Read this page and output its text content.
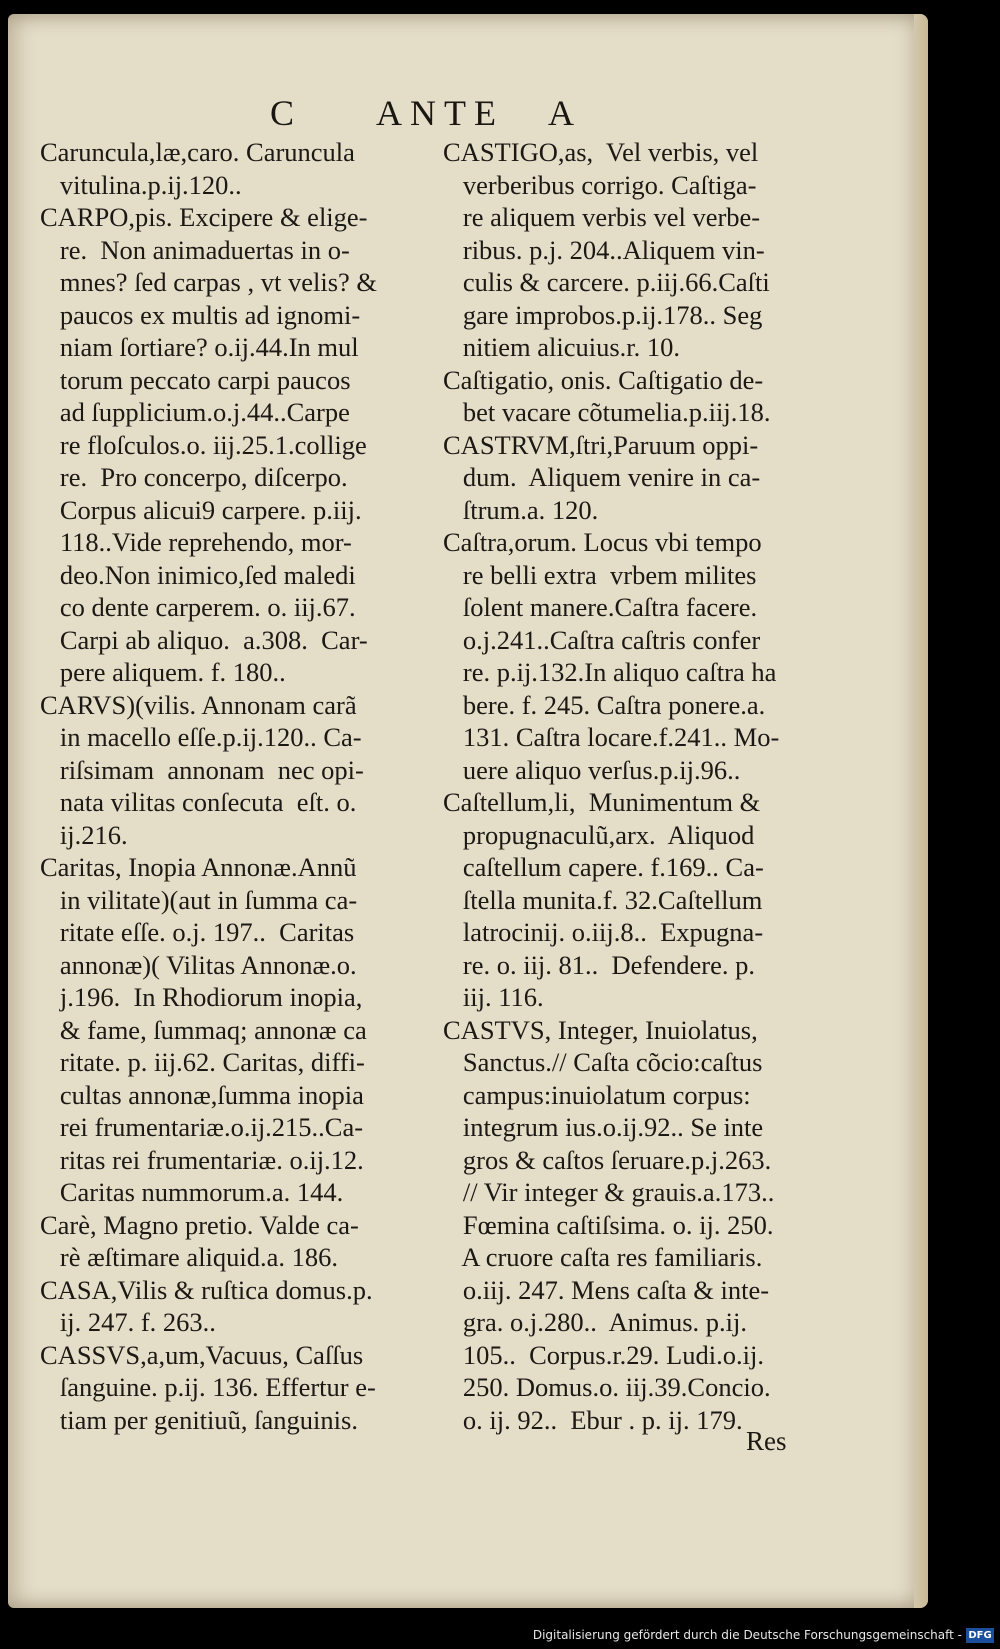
C ANTE A
Caruncula,læ,caro. Caruncula
vitulina.p.ij.120..
CARPO,pis. Excipere & elige-
re.  Non animaduertas in o-
mnes? ſed carpas , vt velis? &
paucos ex multis ad ignomi-
niam ſortiare? o.ij.44.In mul
torum peccato carpi paucos
ad ſupplicium.o.j.44..Carpe
re floſculos.o. iij.25.1.collige
re.  Pro concerpo, diſcerpo.
Corpus alicui9 carpere. p.iij.
118..Vide reprehendo, mor-
deo.Non inimico,ſed maledi
co dente carperem. o. iij.67.
Carpi ab aliquo.  a.308.  Car-
pere aliquem. f. 180..
CARVS)(vilis. Annonam carã
in macello eſſe.p.ij.120.. Ca-
riſsimam  annonam  nec opi-
nata vilitas conſecuta  eſt. o.
ij.216.
Caritas, Inopia Annonæ.Annũ
in vilitate)(aut in ſumma ca-
ritate eſſe. o.j. 197..  Caritas
annonæ)( Vilitas Annonæ.o.
j.196.  In Rhodiorum inopia,
& fame, ſummaq; annonæ ca
ritate. p. iij.62. Caritas, diffi-
cultas annonæ,ſumma inopia
rei frumentariæ.o.ij.215..Ca-
ritas rei frumentariæ. o.ij.12.
Caritas nummorum.a. 144.
Carè, Magno pretio. Valde ca-
rè æſtimare aliquid.a. 186.
CASA,Vilis & ruſtica domus.p.
ij. 247. f. 263..
CASSVS,a,um,Vacuus, Caſſus
ſanguine. p.ij. 136. Effertur e-
tiam per genitiuũ, ſanguinis.
CASTIGO,as,  Vel verbis, vel
verberibus corrigo. Caſtiga-
re aliquem verbis vel verbe-
ribus. p.j. 204..Aliquem vin-
culis & carcere. p.iij.66.Caſti
gare improbos.p.ij.178.. Seg
nitiem alicuius.r. 10.
Caſtigatio, onis. Caſtigatio de-
bet vacare cõtumelia.p.iij.18.
CASTRVM,ſtri,Paruum oppi-
dum.  Aliquem venire in ca-
ſtrum.a. 120.
Caſtra,orum. Locus vbi tempo
re belli extra  vrbem milites
ſolent manere.Caſtra facere.
o.j.241..Caſtra caſtris confer
re. p.ij.132.In aliquo caſtra ha
bere. f. 245. Caſtra ponere.a.
131. Caſtra locare.f.241.. Mo-
uere aliquo verſus.p.ij.96..
Caſtellum,li,  Munimentum &
propugnaculũ,arx.  Aliquod
caſtellum capere. f.169.. Ca-
ſtella munita.f. 32.Caſtellum
latrocinij. o.iij.8..  Expugna-
re. o. iij. 81..  Defendere. p.
iij. 116.
CASTVS, Integer, Inuiolatus,
Sanctus.// Caſta cõcio:caſtus
campus:inuiolatum corpus:
integrum ius.o.ij.92.. Se inte
gros & caſtos ſeruare.p.j.263.
// Vir integer & grauis.a.173..
Fœmina caſtiſsima. o. ij. 250.
A cruore caſta res familiaris.
o.iij. 247. Mens caſta & inte-
gra. o.j.280..  Animus. p.ij.
105..  Corpus.r.29. Ludi.o.ij.
250. Domus.o. iij.39.Concio.
o. ij. 92..  Ebur . p. ij. 179.
Res
Digitalisierung gefördert durch die Deutsche Forschungsgemeinschaft - DFG
